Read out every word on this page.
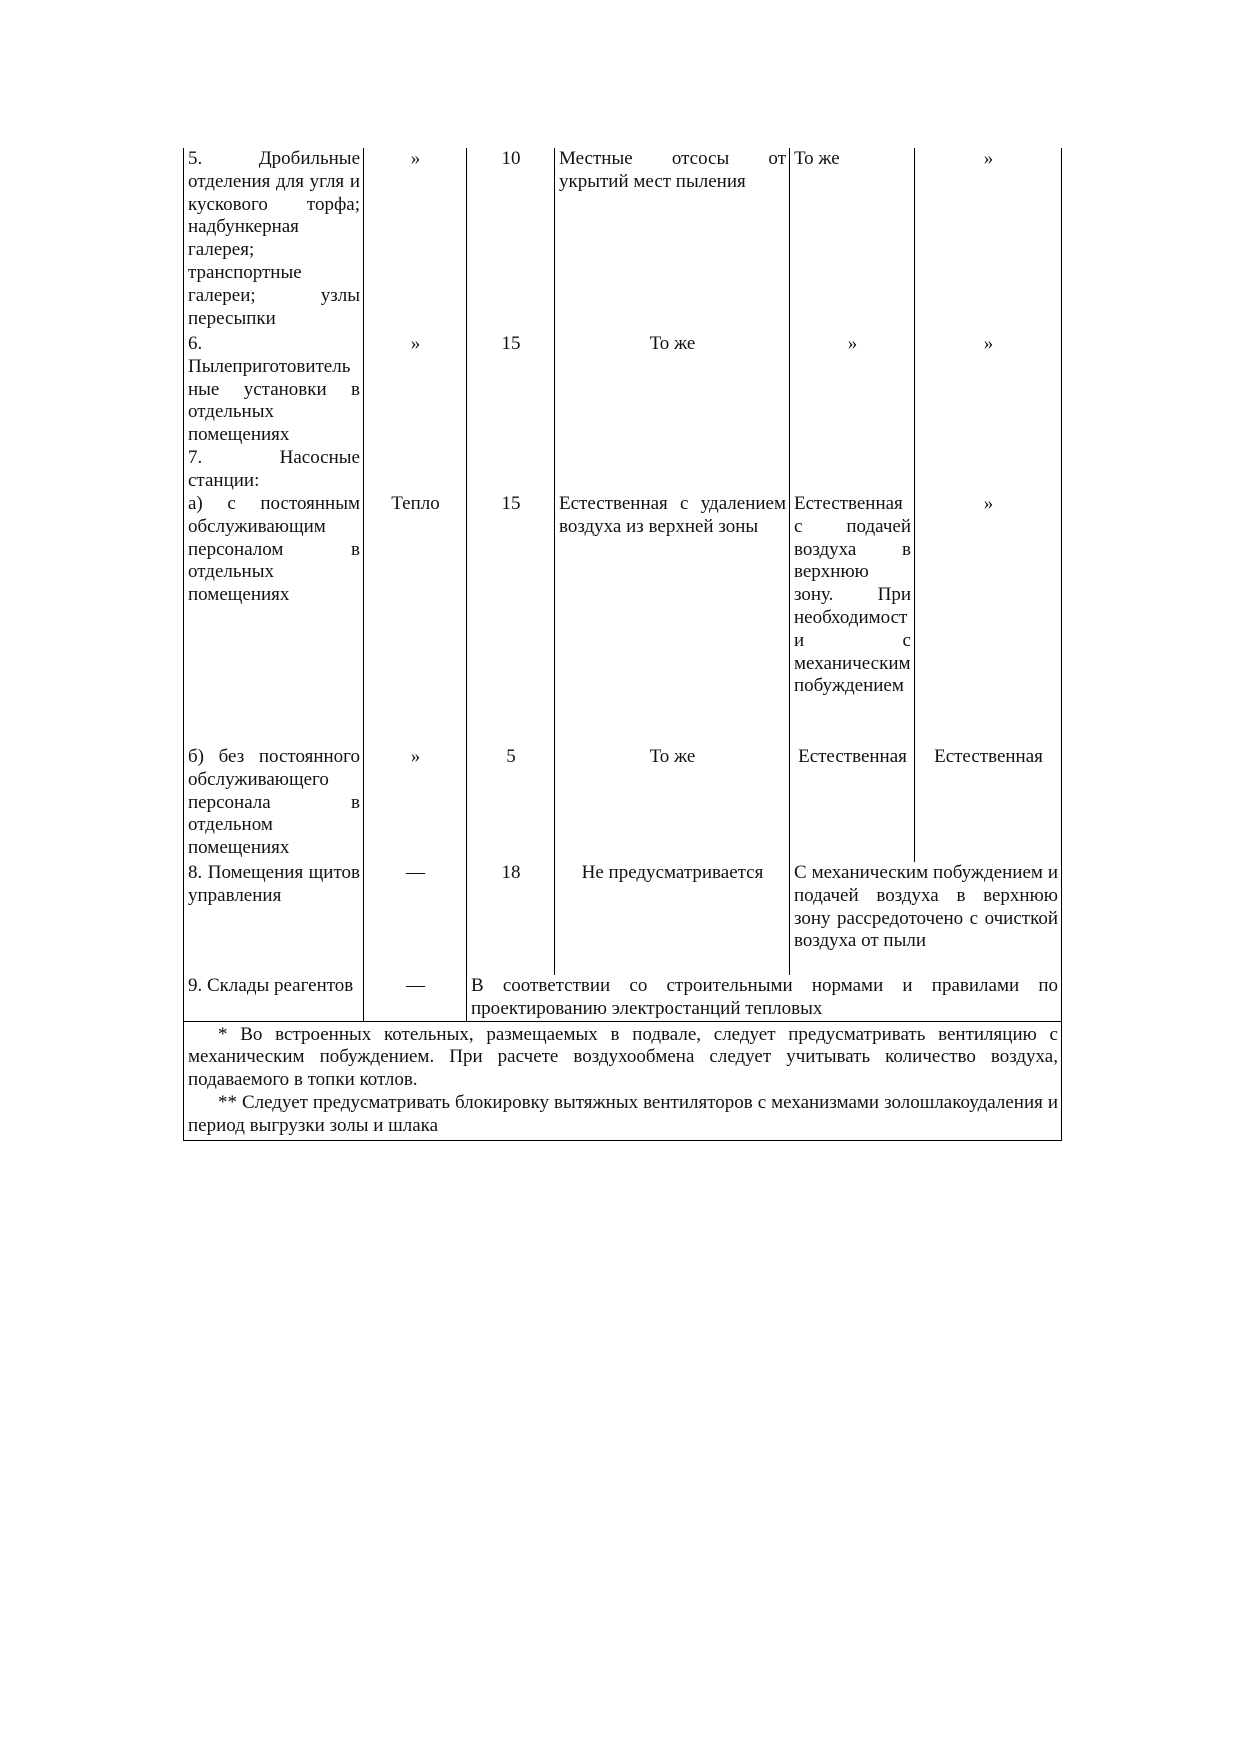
5. Дробильные отделения для угля и кускового торфа; надбункерная галерея; транспортные галереи; узлы пересыпки	»	10	Местные отсосы от укрытий мест пыления	То же	»
6. Пылеприготовительные установки в отдельных помещениях	»	15	То же	»	»
7. Насосные станции:					
а) с постоянным обслуживающим персоналом в отдельных помещениях	Тепло	15	Естественная с удалением воздуха из верхней зоны	Естественная с подачей воздуха в верхнюю зону. При необходимости с механическим побуждением	»
б) без постоянного обслуживающего персонала в отдельном помещениях	»	5	То же	Естественная	Естественная
8. Помещения щитов управления	—	18	Не предусматривается	С механическим побуждением и подачей воздуха в верхнюю зону рассредоточено с очисткой воздуха от пыли	
9. Склады реагентов	—	В соответствии со строительными нормами и правилами по проектированию электростанций тепловых			

* Во встроенных котельных, размещаемых в подвале, следует предусматривать вентиляцию с механическим побуждением. При расчете воздухообмена следует учитывать количество воздуха, подаваемого в топки котлов.
** Следует предусматривать блокировку вытяжных вентиляторов с механизмами золошлакоудаления и период выгрузки золы и шлака					
